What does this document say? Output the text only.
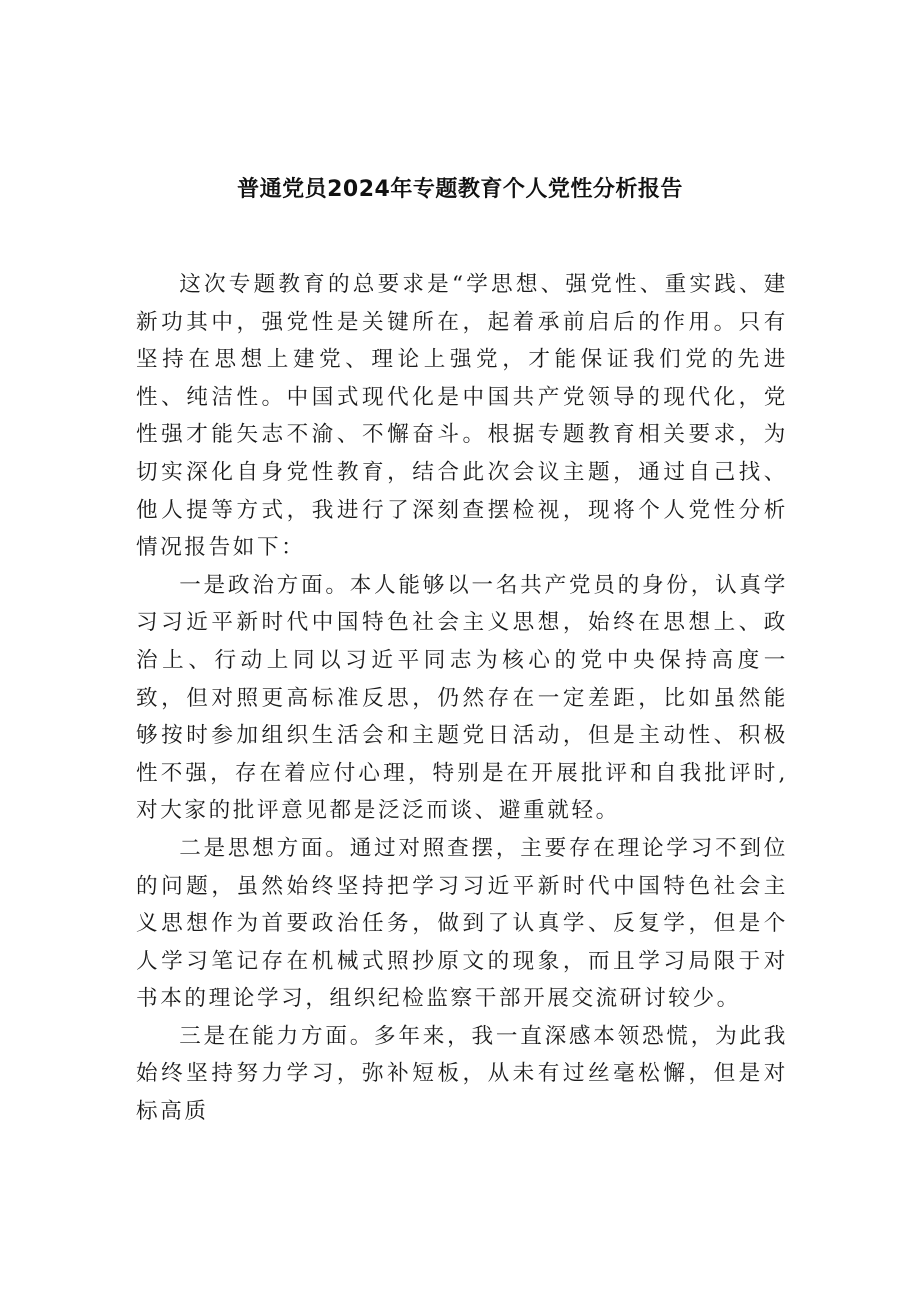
普通党员2024年专题教育个人党性分析报告

这次专题教育的总要求是“学思想、强党性、重实践、建新功其中，强党性是关键所在，起着承前启后的作用。只有坚持在思想上建党、理论上强党，才能保证我们党的先进性、纯洁性。中国式现代化是中国共产党领导的现代化，党性强才能矢志不渝、不懈奋斗。根据专题教育相关要求，为切实深化自身党性教育，结合此次会议主题，通过自己找、他人提等方式，我进行了深刻查摆检视，现将个人党性分析情况报告如下：

一是政治方面。本人能够以一名共产党员的身份，认真学习习近平新时代中国特色社会主义思想，始终在思想上、政治上、行动上同以习近平同志为核心的党中央保持高度一致，但对照更高标准反思，仍然存在一定差距，比如虽然能够按时参加组织生活会和主题党日活动，但是主动性、积极性不强，存在着应付心理，特别是在开展批评和自我批评时,对大家的批评意见都是泛泛而谈、避重就轻。

二是思想方面。通过对照查摆，主要存在理论学习不到位的问题，虽然始终坚持把学习习近平新时代中国特色社会主义思想作为首要政治任务，做到了认真学、反复学，但是个人学习笔记存在机械式照抄原文的现象，而且学习局限于对书本的理论学习，组织纪检监察干部开展交流研讨较少。

三是在能力方面。多年来，我一直深感本领恐慌，为此我始终坚持努力学习，弥补短板，从未有过丝毫松懈，但是对标高质
